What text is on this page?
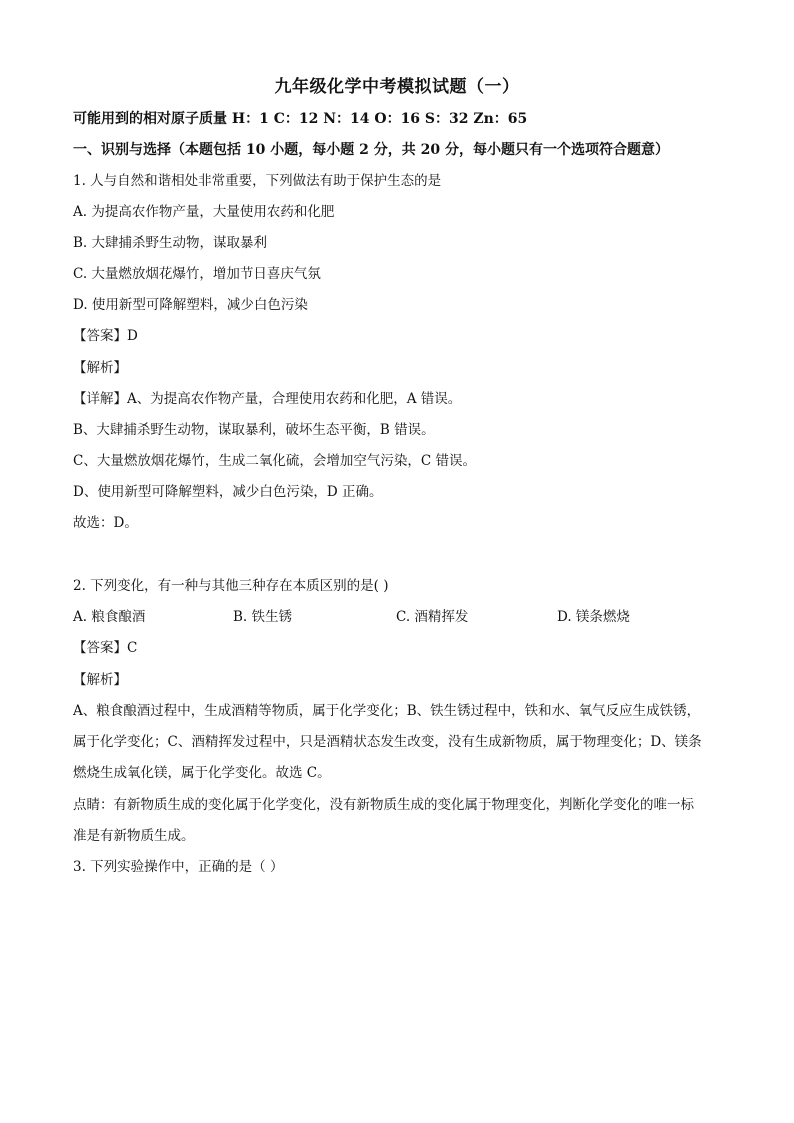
九年级化学中考模拟试题（一）
可能用到的相对原子质量 H：1 C：12 N：14 O：16 S：32 Zn：65
一、识别与选择（本题包括 10 小题，每小题 2 分，共 20 分，每小题只有一个选项符合题意）
1. 人与自然和谐相处非常重要，下列做法有助于保护生态的是
A. 为提高农作物产量，大量使用农药和化肥
B. 大肆捕杀野生动物，谋取暴利
C. 大量燃放烟花爆竹，增加节日喜庆气氛
D. 使用新型可降解塑料，减少白色污染
【答案】D
【解析】
【详解】A、为提高农作物产量，合理使用农药和化肥，A 错误。
B、大肆捕杀野生动物，谋取暴利，破坏生态平衡，B 错误。
C、大量燃放烟花爆竹，生成二氧化硫，会增加空气污染，C 错误。
D、使用新型可降解塑料，减少白色污染，D 正确。
故选：D。
2. 下列变化，有一种与其他三种存在本质区别的是( )
A. 粮食酿酒	B. 铁生锈	C. 酒精挥发	D. 镁条燃烧
【答案】C
【解析】
A、粮食酿酒过程中，生成酒精等物质，属于化学变化；B、铁生锈过程中，铁和水、氧气反应生成铁锈，
属于化学变化；C、酒精挥发过程中，只是酒精状态发生改变，没有生成新物质，属于物理变化；D、镁条
燃烧生成氧化镁，属于化学变化。故选 C。
点睛：有新物质生成的变化属于化学变化，没有新物质生成的变化属于物理变化，判断化学变化的唯一标
准是有新物质生成。
3. 下列实验操作中，正确的是（ ）
